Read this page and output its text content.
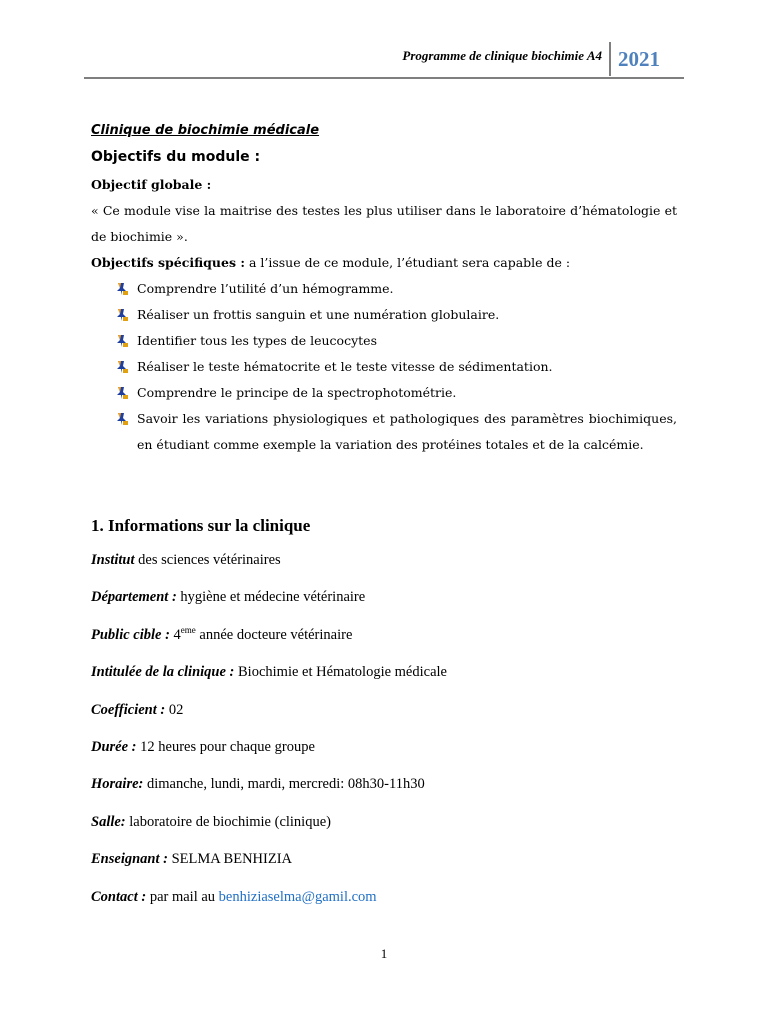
Programme de clinique biochimie A4 2021

Clinique de biochimie médicale

Objectifs du module :

Objectif globale :
« Ce module vise la maitrise des testes les plus utiliser dans le laboratoire d’hématologie et de biochimie ».

Objectifs spécifiques : a l’issue de ce module, l’étudiant sera capable de :

Comprendre l’utilité d’un hémogramme.
Réaliser un frottis sanguin et une numération globulaire.
Identifier tous les types de leucocytes
Réaliser le teste hématocrite et le teste vitesse de sédimentation.
Comprendre le principe de la spectrophotométrie.
Savoir les variations physiologiques et pathologiques des paramètres biochimiques, en étudiant comme exemple la variation des protéines totales et de la calcémie.
1. Informations sur la clinique
Institut des sciences vétérinaires
Département : hygiène et médecine vétérinaire
Public cible : 4eme année docteure vétérinaire
Intitulée de la clinique : Biochimie et Hématologie médicale
Coefficient : 02
Durée : 12 heures pour chaque groupe
Horaire: dimanche, lundi, mardi, mercredi: 08h30-11h30
Salle: laboratoire de biochimie (clinique)
Enseignant : SELMA BENHIZIA
Contact : par mail au benhiziaselma@gamil.com
1
